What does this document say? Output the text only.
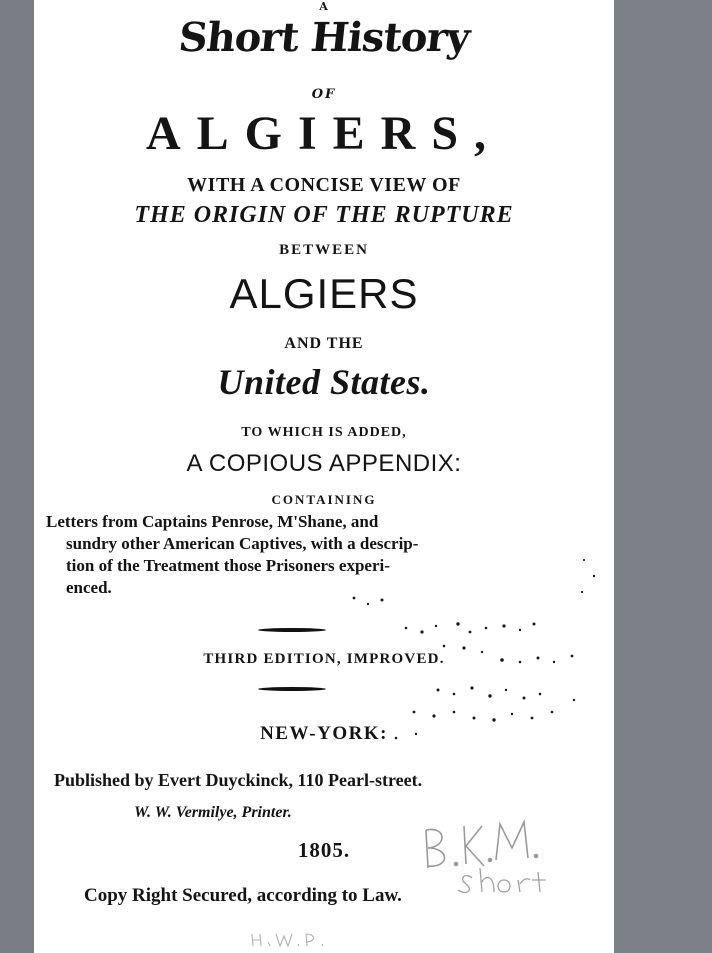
A
Short History
OF
ALGIERS,
WITH A CONCISE VIEW OF
THE ORIGIN OF THE RUPTURE
BETWEEN
ALGIERS
AND THE
United States.
TO WHICH IS ADDED,
A COPIOUS APPENDIX:
CONTAINING
Letters from Captains Penrose, M'Shane, and
sundry other American Captives, with a descrip-
tion of the Treatment those Prisoners experi-
enced.
THIRD EDITION, IMPROVED.
NEW-YORK:
Published by Evert Duyckinck, 110 Pearl-street.
W. W. Vermilye, Printer.
1805.
Copy Right Secured, according to Law.
